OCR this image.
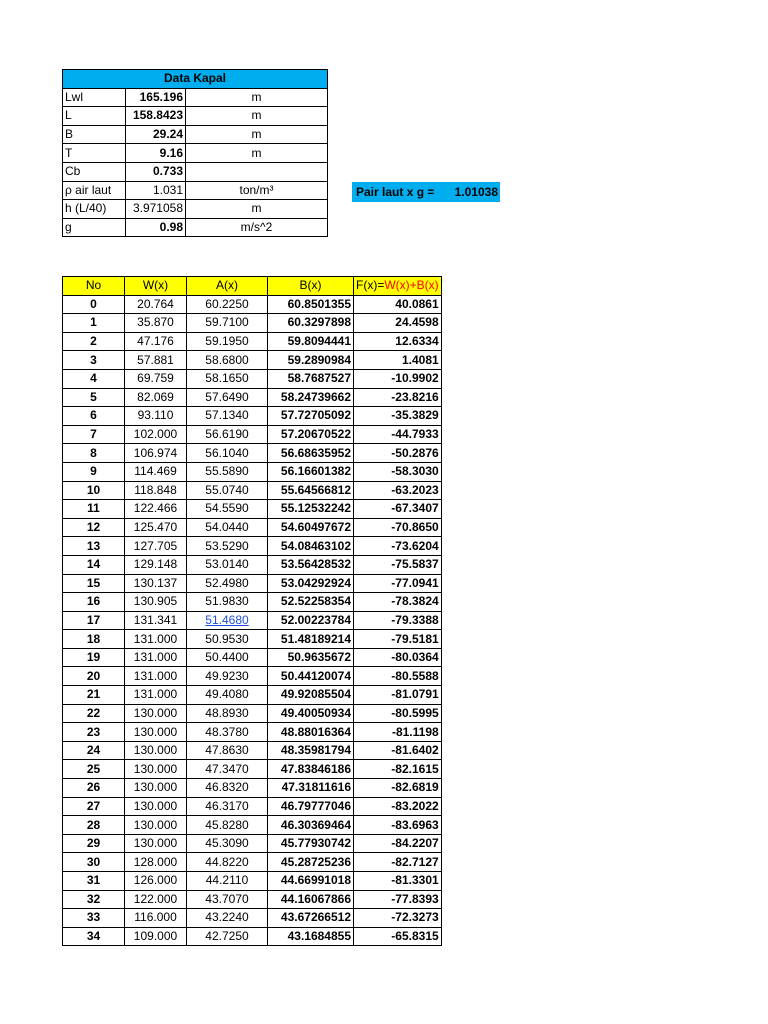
Data Kapal		
Lwl	165.196	m
L	158.8423	m
B	29.24	m
T	9.16	m
Cb	0.733	
ρ air laut	1.031	ton/m³
h (L/40)	3.971058	m
g	0.98	m/s^2
Pair laut x g = 1.01038
No	W(x)	A(x)	B(x)	F(x)=W(x)+B(x)
0	20.764	60.2250	60.8501355	40.0861
1	35.870	59.7100	60.3297898	24.4598
2	47.176	59.1950	59.8094441	12.6334
3	57.881	58.6800	59.2890984	1.4081
4	69.759	58.1650	58.7687527	-10.9902
5	82.069	57.6490	58.24739662	-23.8216
6	93.110	57.1340	57.72705092	-35.3829
7	102.000	56.6190	57.20670522	-44.7933
8	106.974	56.1040	56.68635952	-50.2876
9	114.469	55.5890	56.16601382	-58.3030
10	118.848	55.0740	55.64566812	-63.2023
11	122.466	54.5590	55.12532242	-67.3407
12	125.470	54.0440	54.60497672	-70.8650
13	127.705	53.5290	54.08463102	-73.6204
14	129.148	53.0140	53.56428532	-75.5837
15	130.137	52.4980	53.04292924	-77.0941
16	130.905	51.9830	52.52258354	-78.3824
17	131.341	51.4680	52.00223784	-79.3388
18	131.000	50.9530	51.48189214	-79.5181
19	131.000	50.4400	50.9635672	-80.0364
20	131.000	49.9230	50.44120074	-80.5588
21	131.000	49.4080	49.92085504	-81.0791
22	130.000	48.8930	49.40050934	-80.5995
23	130.000	48.3780	48.88016364	-81.1198
24	130.000	47.8630	48.35981794	-81.6402
25	130.000	47.3470	47.83846186	-82.1615
26	130.000	46.8320	47.31811616	-82.6819
27	130.000	46.3170	46.79777046	-83.2022
28	130.000	45.8280	46.30369464	-83.6963
29	130.000	45.3090	45.77930742	-84.2207
30	128.000	44.8220	45.28725236	-82.7127
31	126.000	44.2110	44.66991018	-81.3301
32	122.000	43.7070	44.16067866	-77.8393
33	116.000	43.2240	43.67266512	-72.3273
34	109.000	42.7250	43.1684855	-65.8315
